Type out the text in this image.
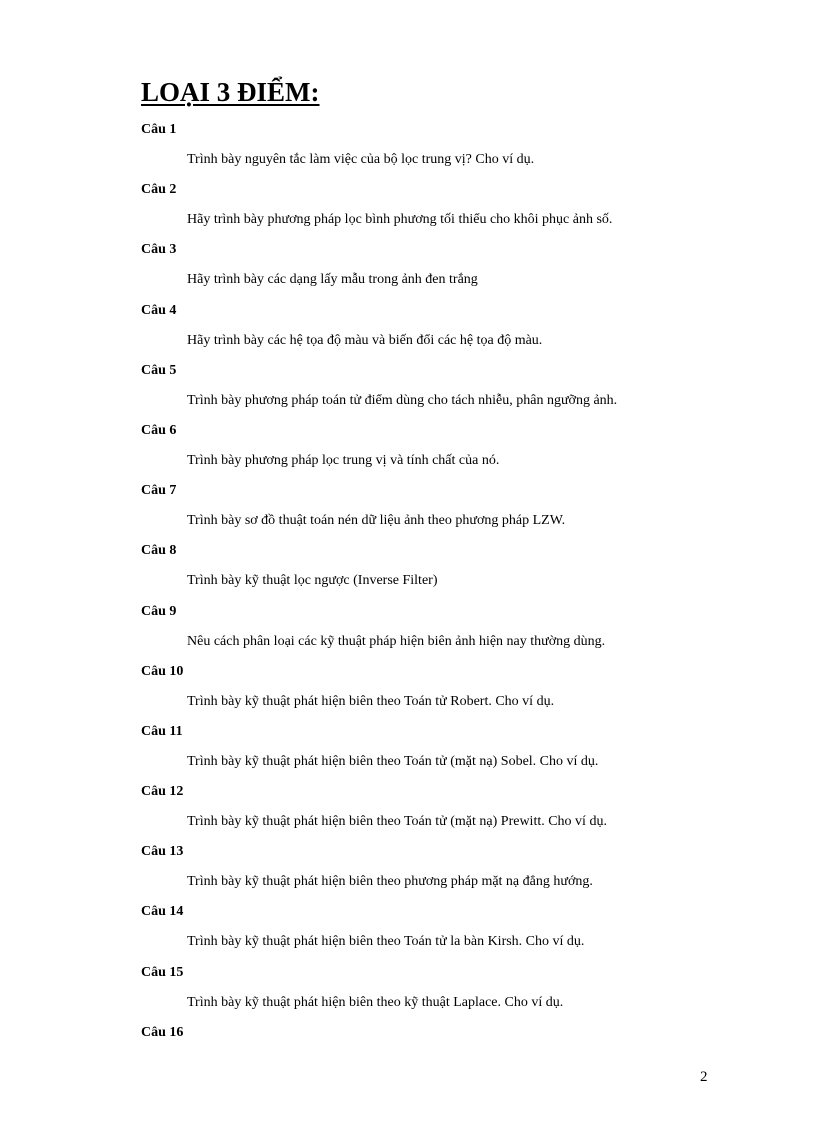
LOẠI 3 ĐIỂM:
Câu 1
Trình bày nguyên tắc làm việc của bộ lọc trung vị? Cho ví dụ.
Câu 2
Hãy trình bày phương pháp lọc bình phương tối thiểu cho khôi phục ảnh số.
Câu 3
Hãy trình bày các dạng lấy mẫu trong ảnh đen trắng
Câu 4
Hãy trình bày các hệ tọa độ màu và biến đổi các hệ tọa độ màu.
Câu 5
Trình bày phương pháp toán tử điểm dùng cho tách nhiễu, phân ngưỡng ảnh.
Câu 6
Trình bày phương pháp lọc trung vị và tính chất của nó.
Câu 7
Trình bày sơ đồ thuật toán nén dữ liệu ảnh theo phương pháp LZW.
Câu 8
Trình bày kỹ thuật lọc ngược (Inverse Filter)
Câu 9
Nêu cách phân loại các kỹ thuật pháp hiện biên ảnh hiện nay thường dùng.
Câu 10
Trình bày kỹ thuật phát hiện biên theo Toán tử Robert. Cho ví dụ.
Câu 11
Trình bày kỹ thuật phát hiện biên theo Toán tử (mặt nạ) Sobel. Cho ví dụ.
Câu 12
Trình bày kỹ thuật phát hiện biên theo Toán tử (mặt nạ) Prewitt. Cho ví dụ.
Câu 13
Trình bày kỹ thuật phát hiện biên theo phương pháp mặt nạ đẳng hướng.
Câu 14
Trình bày kỹ thuật phát hiện biên theo Toán tử la bàn Kirsh. Cho ví dụ.
Câu 15
Trình bày kỹ thuật phát hiện biên theo kỹ thuật Laplace. Cho ví dụ.
Câu 16
2
